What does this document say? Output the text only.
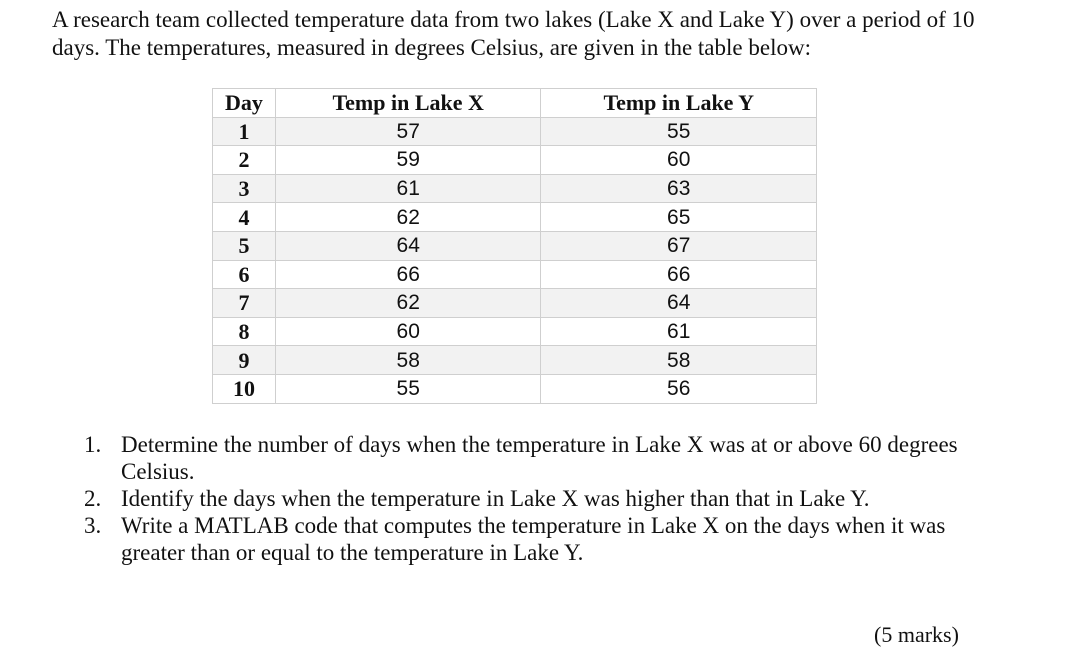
A research team collected temperature data from two lakes (Lake X and Lake Y) over a period of 10 days. The temperatures, measured in degrees Celsius, are given in the table below:

Day	Temp in Lake X	Temp in Lake Y
1	57	55
2	59	60
3	61	63
4	62	65
5	64	67
6	66	66
7	62	64
8	60	61
9	58	58
10	55	56
1. Determine the number of days when the temperature in Lake X was at or above 60 degrees Celsius.
2. Identify the days when the temperature in Lake X was higher than that in Lake Y.
3. Write a MATLAB code that computes the temperature in Lake X on the days when it was greater than or equal to the temperature in Lake Y.

(5 marks)
